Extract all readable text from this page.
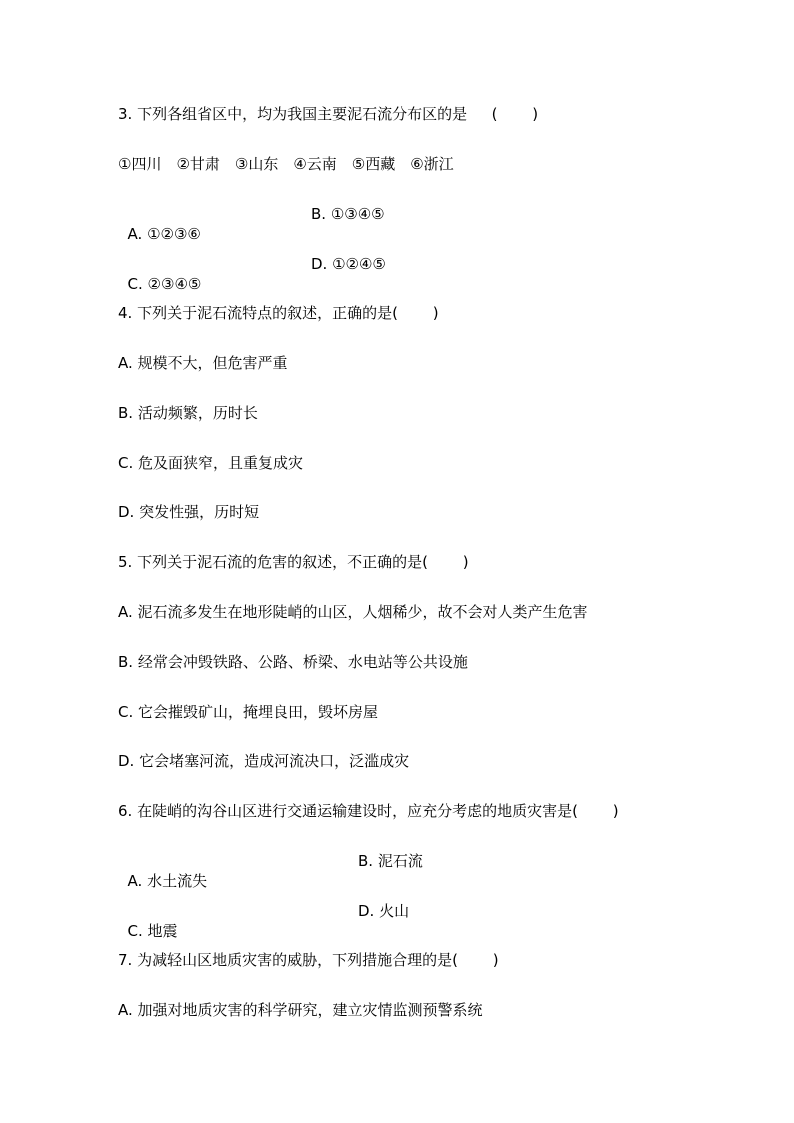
3. 下列各组省区中，均为我国主要泥石流分布区的是 　 (　　 )
①四川　②甘肃　③山东　④云南　⑤西藏　⑥浙江

A. ①②③⑥

B. ①③④⑤

C. ②③④⑤

D. ①②④⑤

4. 下列关于泥石流特点的叙述，正确的是(　　 )
A. 规模不大，但危害严重
B. 活动频繁，历时长
C. 危及面狭窄，且重复成灾
D. 突发性强，历时短
5. 下列关于泥石流的危害的叙述，不正确的是(　　 )
A. 泥石流多发生在地形陡峭的山区，人烟稀少，故不会对人类产生危害
B. 经常会冲毁铁路、公路、桥梁、水电站等公共设施
C. 它会摧毁矿山，掩埋良田，毁坏房屋
D. 它会堵塞河流，造成河流决口，泛滥成灾
6. 在陡峭的沟谷山区进行交通运输建设时，应充分考虑的地质灾害是(　　 )

A. 水土流失

B. 泥石流

C. 地震

D. 火山

7. 为减轻山区地质灾害的威胁，下列措施合理的是(　　 )
A. 加强对地质灾害的科学研究，建立灾情监测预警系统
